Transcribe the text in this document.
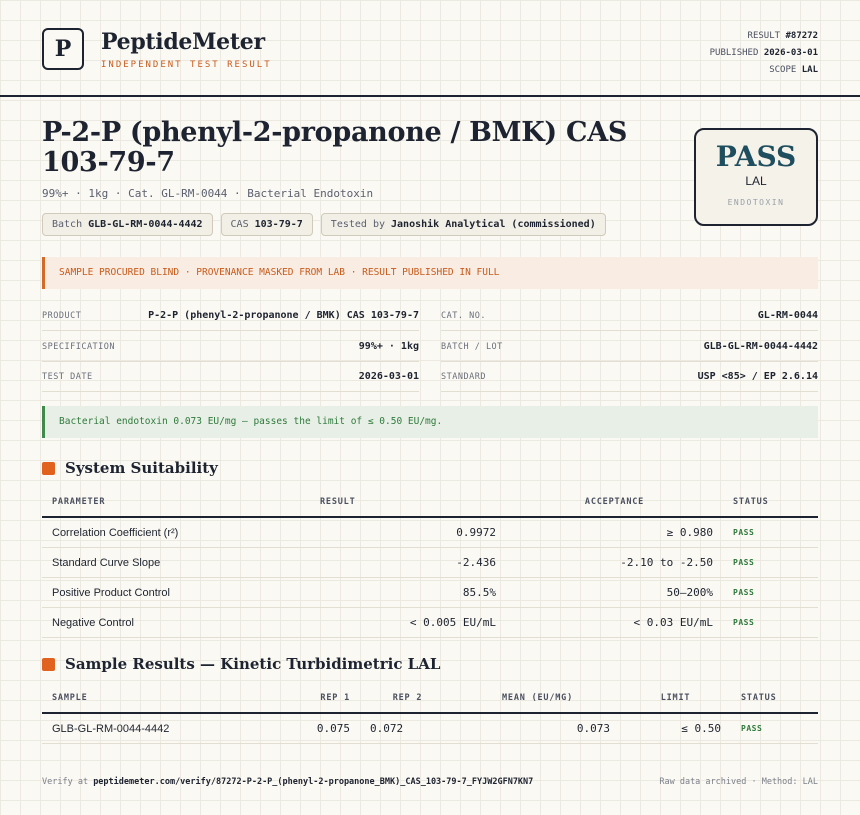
P	PeptideMeter
INDEPENDENT TEST RESULT
RESULT #87272
PUBLISHED 2026-03-01
SCOPE LAL
P-2-P (phenyl-2-propanone / BMK) CAS 103-79-7
99%+ · 1kg · Cat. GL-RM-0044 · Bacterial Endotoxin
Batch GLB-GL-RM-0044-4442	CAS 103-79-7	Tested by Janoshik Analytical (commissioned)
PASS
LAL
ENDOTOXIN
SAMPLE PROCURED BLIND · PROVENANCE MASKED FROM LAB · RESULT PUBLISHED IN FULL
PRODUCT	P-2-P (phenyl-2-propanone / BMK) CAS 103-79-7
SPECIFICATION	99%+ · 1kg
TEST DATE	2026-03-01
CAT. NO.	GL-RM-0044
BATCH / LOT	GLB-GL-RM-0044-4442
STANDARD	USP <85> / EP 2.6.14
Bacterial endotoxin 0.073 EU/mg — passes the limit of ≤ 0.50 EU/mg.
System Suitability
PARAMETER	RESULT	ACCEPTANCE	STATUS
Correlation Coefficient (r²)	0.9972	≥ 0.980	PASS
Standard Curve Slope	-2.436	-2.10 to -2.50	PASS
Positive Product Control	85.5%	50–200%	PASS
Negative Control	< 0.005 EU/mL	< 0.03 EU/mL	PASS
Sample Results — Kinetic Turbidimetric LAL
SAMPLE	REP 1	REP 2	MEAN (EU/MG)	LIMIT	STATUS
GLB-GL-RM-0044-4442	0.075	0.072	0.073	≤ 0.50	PASS
Verify at peptidemeter.com/verify/87272-P-2-P_(phenyl-2-propanone_BMK)_CAS_103-79-7_FYJW2GFN7KN7	Raw data archived · Method: LAL
